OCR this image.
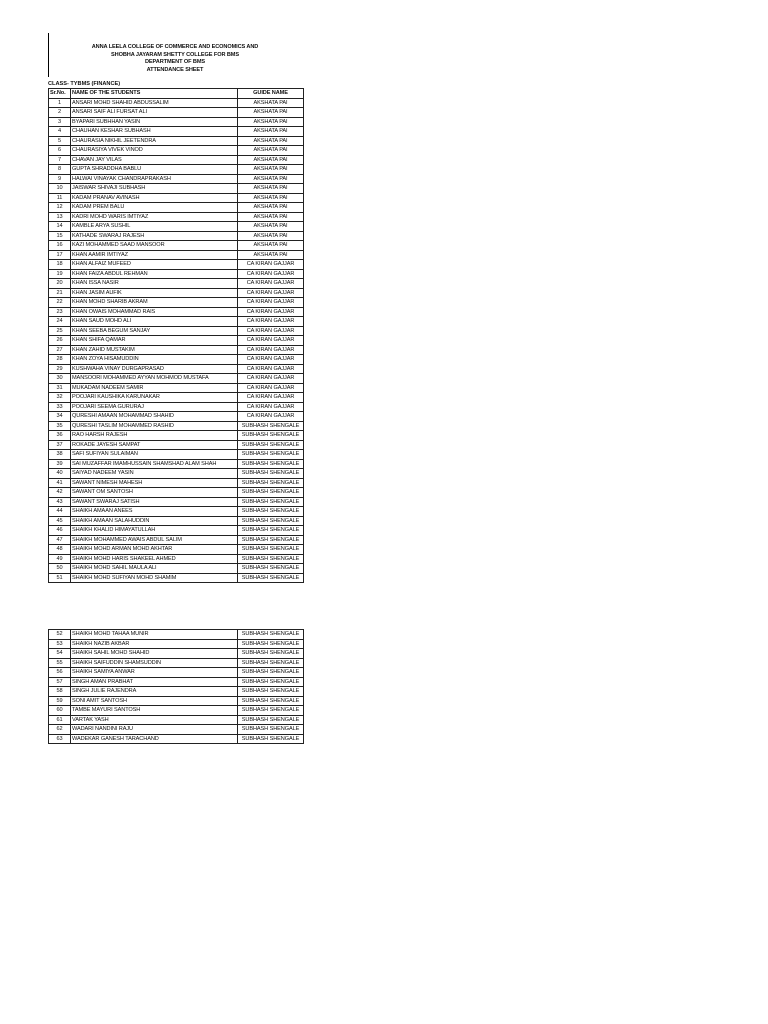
ANNA LEELA COLLEGE OF COMMERCE AND ECONOMICS AND
SHOBHA JAYARAM SHETTY COLLEGE FOR BMS
DEPARTMENT OF BMS
ATTENDANCE SHEET
CLASS- TYBMS (FINANCE)
Sr.No.	NAME OF THE STUDENTS	GUIDE NAME
1	ANSARI MOHD SHAHID ABDUSSALIM	AKSHATA PAI
2	ANSARI SAIF ALI FURSAT ALI	AKSHATA PAI
3	BYAPARI SUBHHAN YASIN	AKSHATA PAI
4	CHAUHAN KESHAR SUBHASH	AKSHATA PAI
5	CHAURASIA NIKHIL JEETENDRA	AKSHATA PAI
6	CHAURASIYA VIVEK VINOD	AKSHATA PAI
7	CHAVAN JAY VILAS	AKSHATA PAI
8	GUPTA SHRADDHA BABLU	AKSHATA PAI
9	HALWAI VINAYAK CHANDRAPRAKASH	AKSHATA PAI
10	JAISWAR SHIVAJI SUBHASH	AKSHATA PAI
11	KADAM PRANAV AVINASH	AKSHATA PAI
12	KADAM PREM BALU	AKSHATA PAI
13	KADRI MOHD WARIS IMTIYAZ	AKSHATA PAI
14	KAMBLE ARYA SUSHIL	AKSHATA PAI
15	KATHADE SWARAJ RAJESH	AKSHATA PAI
16	KAZI MOHAMMED SAAD MANSOOR	AKSHATA PAI
17	KHAN AAMIR IMTIYAZ	AKSHATA PAI
18	KHAN ALFAIZ MUFEED	CA KIRAN GAJJAR
19	KHAN FAIZA ABDUL REHMAN	CA KIRAN GAJJAR
20	KHAN ISSA NASIR	CA KIRAN GAJJAR
21	KHAN JASIM AUFIK	CA KIRAN GAJJAR
22	KHAN MOHD SHARIB AKRAM	CA KIRAN GAJJAR
23	KHAN OWAIS MOHAMMAD RAIS	CA KIRAN GAJJAR
24	KHAN SAUD MOHD ALI	CA KIRAN GAJJAR
25	KHAN SEEBA BEGUM SANJAY	CA KIRAN GAJJAR
26	KHAN SHIFA QAMAR	CA KIRAN GAJJAR
27	KHAN ZAHID MUSTAKIM	CA KIRAN GAJJAR
28	KHAN ZOYA HISAMUDDIN	CA KIRAN GAJJAR
29	KUSHWAHA VINAY DURGAPRASAD	CA KIRAN GAJJAR
30	MANSOORI MOHAMMED AYYAN MOHMOD MUSTAFA	CA KIRAN GAJJAR
31	MUKADAM NADEEM SAMIR	CA KIRAN GAJJAR
32	POOJARI KAUSHIKA KARUNAKAR	CA KIRAN GAJJAR
33	POOJARI SEEMA GURURAJ	CA KIRAN GAJJAR
34	QURESHI AMAAN MOHAMMAD SHAHID	CA KIRAN GAJJAR
35	QURESHI TASLIM MOHAMMED RASHID	SUBHASH SHENGALE
36	RAO HARSH RAJESH	SUBHASH SHENGALE
37	ROKADE JAYESH SAMPAT	SUBHASH SHENGALE
38	SAFI SUFIYAN SULAIMAN	SUBHASH SHENGALE
39	SAI MUZAFFAR IMAMHUSSAIN SHAMSHAD ALAM SHAH	SUBHASH SHENGALE
40	SAIYAD NADEEM YASIN	SUBHASH SHENGALE
41	SAWANT NIMESH MAHESH	SUBHASH SHENGALE
42	SAWANT OM SANTOSH	SUBHASH SHENGALE
43	SAWANT SWARAJ SATISH	SUBHASH SHENGALE
44	SHAIKH AMAAN ANEES	SUBHASH SHENGALE
45	SHAIKH AMAAN SALAHUDDIN	SUBHASH SHENGALE
46	SHAIKH KHALID HIMAYATULLAH	SUBHASH SHENGALE
47	SHAIKH MOHAMMED AWAIS ABDUL SALIM	SUBHASH SHENGALE
48	SHAIKH MOHD ARMAN MOHD AKHTAR	SUBHASH SHENGALE
49	SHAIKH MOHD HARIS SHAKEEL AHMED	SUBHASH SHENGALE
50	SHAIKH MOHD SAHIL MAULA ALI	SUBHASH SHENGALE
51	SHAIKH MOHD SUFIYAN MOHD SHAMIM	SUBHASH SHENGALE
52	SHAIKH MOHD TAHAA MUNIR	SUBHASH SHENGALE
53	SHAIKH NAZIB AKBAR	SUBHASH SHENGALE
54	SHAIKH SAHIL MOHD SHAHID	SUBHASH SHENGALE
55	SHAIKH SAIFUDDIN SHAMSUDDIN	SUBHASH SHENGALE
56	SHAIKH SAMIYA ANWAR	SUBHASH SHENGALE
57	SINGH AMAN PRABHAT	SUBHASH SHENGALE
58	SINGH JULIE RAJENDRA	SUBHASH SHENGALE
59	SONI AMIT SANTOSH	SUBHASH SHENGALE
60	TAMBE MAYURI SANTOSH	SUBHASH SHENGALE
61	VARTAK YASH	SUBHASH SHENGALE
62	WADARI NANDINI RAJU	SUBHASH SHENGALE
63	WADEKAR GANESH TARACHAND	SUBHASH SHENGALE
